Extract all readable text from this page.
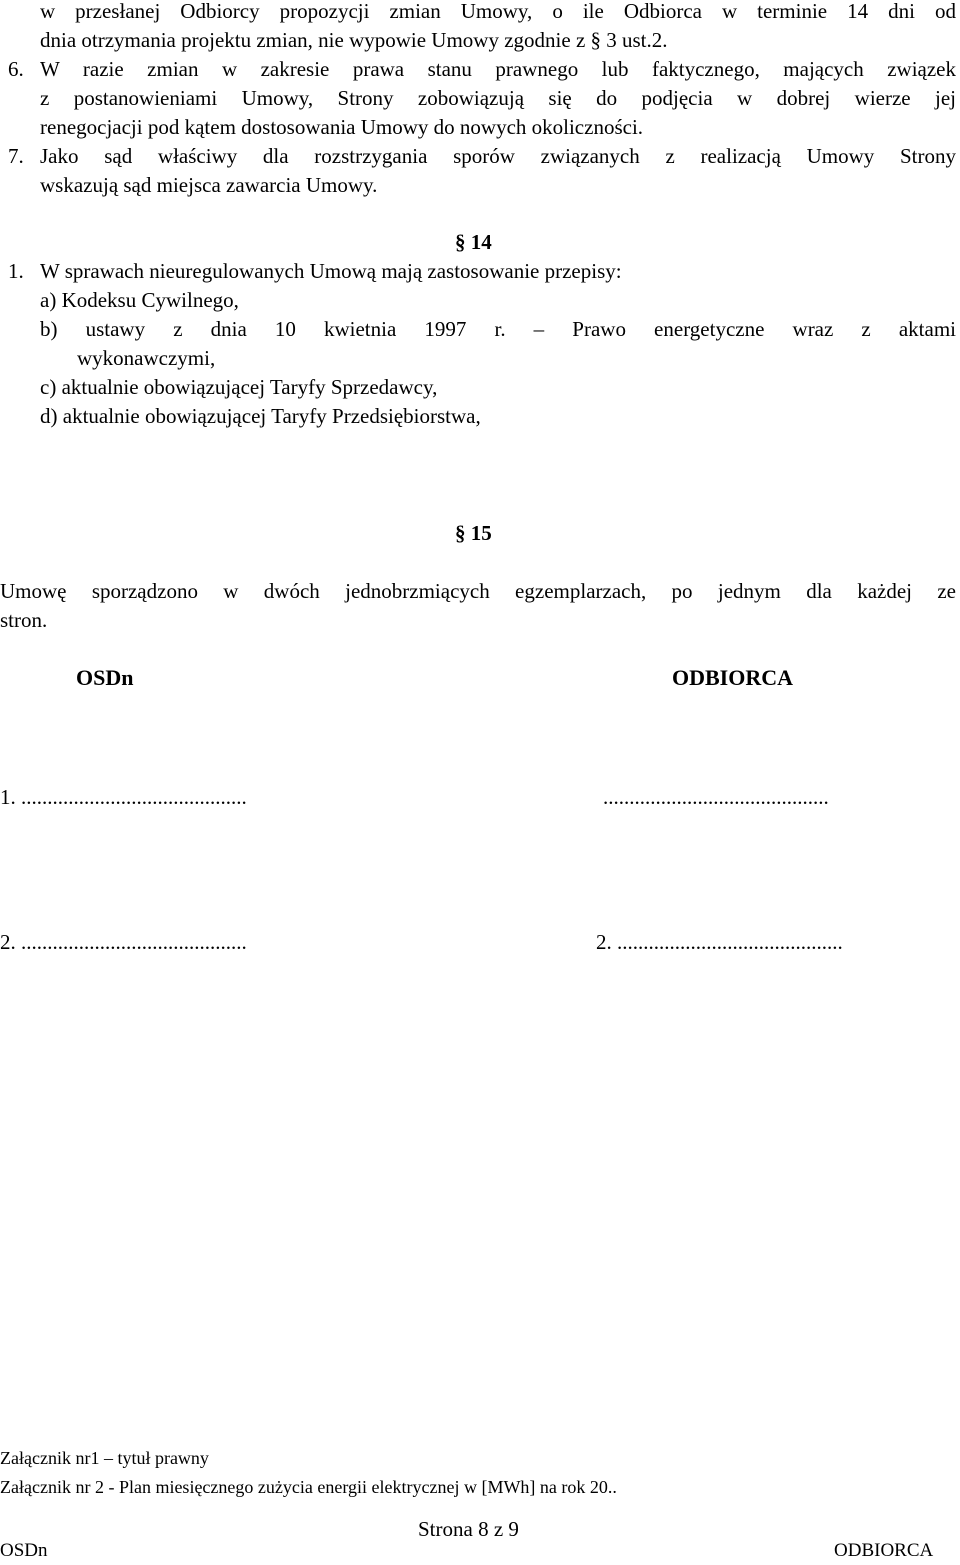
w przesłanej Odbiorcy propozycji zmian Umowy, o ile Odbiorca w terminie 14 dni od

dnia otrzymania projektu zmian, nie wypowie Umowy zgodnie z § 3 ust.2.

6. W razie zmian w zakresie prawa stanu prawnego lub faktycznego, mających związek

z postanowieniami Umowy, Strony zobowiązują się do podjęcia w dobrej wierze jej

renegocjacji pod kątem dostosowania Umowy do nowych okoliczności.

7. Jako sąd właściwy dla rozstrzygania sporów związanych z realizacją Umowy Strony

wskazują sąd miejsca zawarcia Umowy.

§ 14

1. W sprawach nieuregulowanych Umową mają zastosowanie przepisy:

a) Kodeksu Cywilnego,

b) ustawy z dnia 10 kwietnia 1997 r. – Prawo energetyczne wraz z aktami

wykonawczymi,

c) aktualnie obowiązującej Taryfy Sprzedawcy,

d) aktualnie obowiązującej Taryfy Przedsiębiorstwa,

§ 15

Umowę sporządzono w dwóch jednobrzmiących egzemplarzach, po jednym dla każdej ze

stron.

OSDn	ODBIORCA

1. ...........................................	...........................................

2. ...........................................	2. ...........................................

Załącznik nr1 – tytuł prawny

Załącznik nr 2 - Plan miesięcznego zużycia energii elektrycznej w [MWh] na rok 20..

Strona 8 z 9

OSDn	ODBIORCA
